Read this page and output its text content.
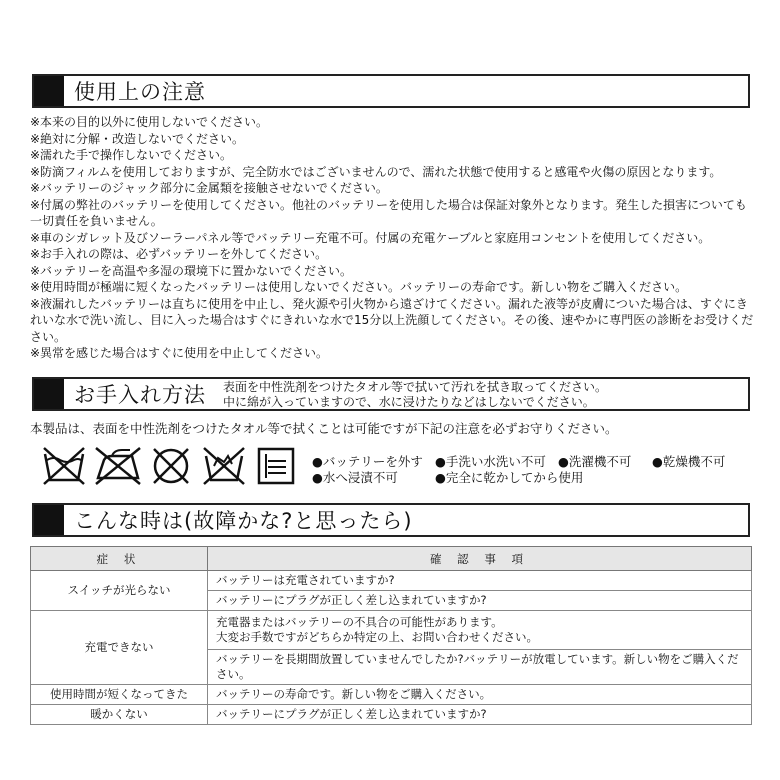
使用上の注意
※本来の目的以外に使用しないでください。
※絶対に分解・改造しないでください。
※濡れた手で操作しないでください。
※防滴フィルムを使用しておりますが、完全防水ではございませんので、濡れた状態で使用すると感電や火傷の原因となります。
※バッテリーのジャック部分に金属類を接触させないでください。
※付属の弊社のバッテリーを使用してください。他社のバッテリーを使用した場合は保証対象外となります。発生した損害についても一切責任を負いません。
※車のシガレット及びソーラーパネル等でバッテリー充電不可。付属の充電ケーブルと家庭用コンセントを使用してください。
※お手入れの際は、必ずバッテリーを外してください。
※バッテリーを高温や多湿の環境下に置かないでください。
※使用時間が極端に短くなったバッテリーは使用しないでください。バッテリーの寿命です。新しい物をご購入ください。
※液漏れしたバッテリーは直ちに使用を中止し、発火源や引火物から遠ざけてください。漏れた液等が皮膚についた場合は、すぐにきれいな水で洗い流し、目に入った場合はすぐにきれいな水で15分以上洗顔してください。その後、速やかに専門医の診断をお受けください。
※異常を感じた場合はすぐに使用を中止してください。
お手入れ方法 表面を中性洗剤をつけたタオル等で拭いて汚れを拭き取ってください。
中に綿が入っていますので、水に浸けたりなどはしないでください。
本製品は、表面を中性洗剤をつけたタオル等で拭くことは可能ですが下記の注意を必ずお守りください。
●バッテリーを外す ●手洗い水洗い不可 ●洗濯機不可 ●乾燥機不可
●水へ浸漬不可	●完全に乾かしてから使用
こんな時は(故障かな?と思ったら)
症 状	確 認 事 項
スイッチが光らない	バッテリーは充電されていますか?
	バッテリーにプラグが正しく差し込まれていますか?
充電できない	充電器またはバッテリーの不具合の可能性があります。
大変お手数ですがどちらか特定の上、お問い合わせください。
	バッテリーを長期間放置していませんでしたか?バッテリーが放電しています。新しい物をご購入ください。
使用時間が短くなってきた	バッテリーの寿命です。新しい物をご購入ください。
暖かくない	バッテリーにプラグが正しく差し込まれていますか?
